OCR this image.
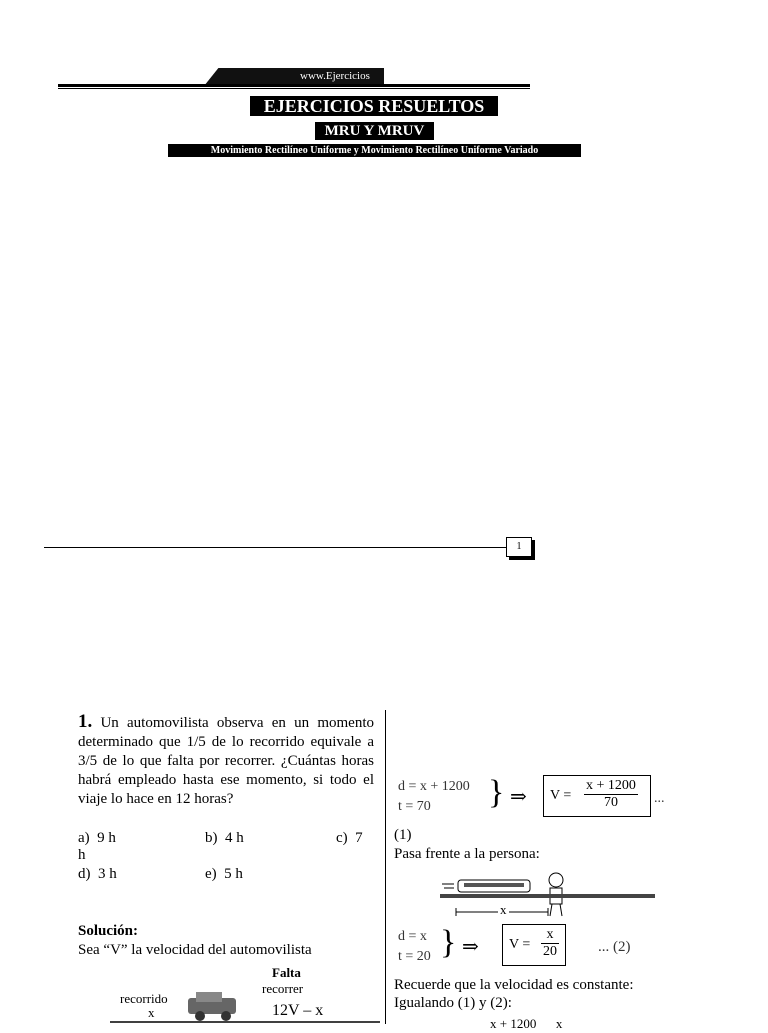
www.Ejercicios
EJERCICIOS RESUELTOS
MRU Y MRUV
Movimiento Rectilíneo Uniforme y Movimiento Rectilíneo Uniforme Variado
1
1. Un automovilista observa en un momento determinado que 1/5 de lo recorrido equivale a 3/5 de lo que falta por recorrer. ¿Cuántas horas habrá empleado hasta ese momento, si todo el viaje lo hace en 12 horas?
a) 9 h	b) 4 h	c) 7
h
d) 3 h	e) 5 h
Solución:
Sea “V” la velocidad del automovilista
Falta
recorrer
recorrido
x	12V – x
d = x + 1200
t = 70 } ⇒ $V = \frac{x + 1200}{70}$ ...
(1)
Pasa frente a la persona:
x
d = x
t = 20 } ⇒ $V = \frac{x}{20}$	... (2)
Recuerde que la velocidad es constante:
Igualando (1) y (2):
x + 1200      x
